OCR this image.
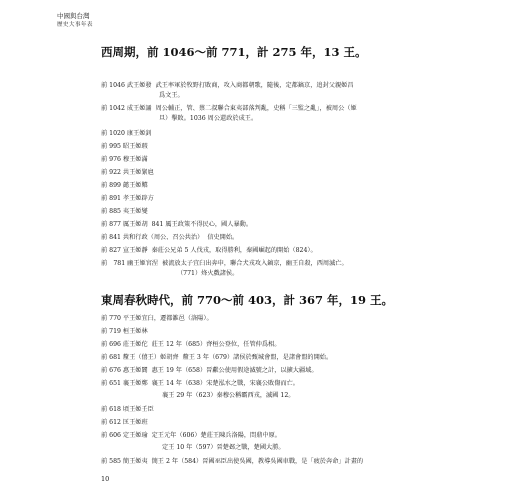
中國與台灣
歷史大事年表
西周期，前 1046～前 771，計 275 年，13 王。
前 1046 武王姬發 武王率軍於牧野打敗商，攻入商都朝歌，隨後，定都鎬京，追封父親姬昌
爲文王。
前 1042 成王姬誦 周公輔正，管、蔡二叔聯合東夷部落判亂，史稱「三監之亂」，被周公（姬
旦）擊敗。1036 周公還政於成王。
前 1020 康王姬釗
前 995 昭王姬瑕
前 976 穆王姬滿
前 922 共王姬緊扈
前 899 懿王姬囏
前 891 孝王姬辟方
前 885 夷王姬燮
前 877 厲王姬胡 841 厲王政策不得民心，國人暴動。
前 841 共和行政（周公、召公共治） 信史開始。
前 827 宣王姬靜 秦莊公兄弟 5 人伐戎，取得勝利，秦國崛起的開始（824）。
前　781 幽王姬宮涅 被流放太子宜臼出奔申，聯合犬戎攻入鎬京，幽王自殺，西周滅亡。
（771）烽火戲諸侯。
東周春秋時代，前 770～前 403，計 367 年，19 王。
前 770 平王姬宜臼，遷都雒邑（洛陽）。
前 719 桓王姬林
前 696 莊王姬佗 莊王 12 年（685）齊桓公登位，任管仲爲相。
前 681 釐王（僖王）姬胡齊 釐王 3 年（679）諸侯於甄城會盟，是諸會盟的開始。
前 676 惠王姬閬 惠王 19 年（658）晉獻公使用假途滅號之計，以擴大疆域。
前 651 襄王姬鄭 襄王 14 年（638）宋楚泓水之戰，宋襄公敗傷而亡。
襄王 29 年（623）秦穆公稱霸西戎，滅國 12。
前 618 頃王姬壬臣
前 612 匡王姬班
前 606 定王姬瑜 定王元年（606）楚莊王陳兵洛陽，問鼎中原。
定王 10 年（597）晉楚邲之戰，楚國大勝。
前 585 簡王姬夷 簡王 2 年（584）晉國巫臣出使吳國，教導吳國車戰，是「疲於奔命」計畫的
10
